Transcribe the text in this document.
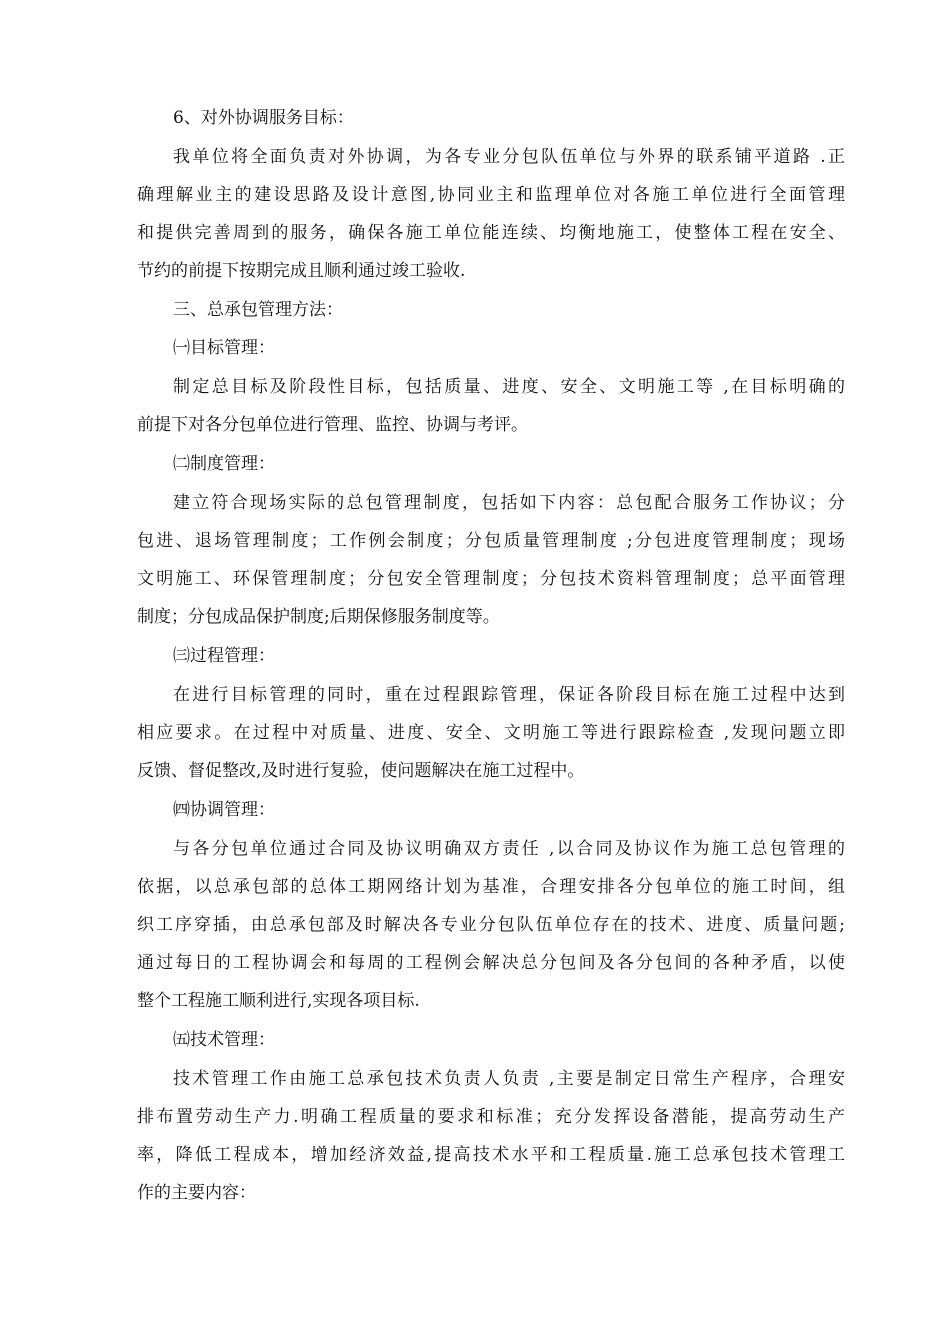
6、对外协调服务目标：
我单位将全面负责对外协调，为各专业分包队伍单位与外界的联系铺平道路 .正
确理解业主的建设思路及设计意图,协同业主和监理单位对各施工单位进行全面管理
和提供完善周到的服务，确保各施工单位能连续、均衡地施工，使整体工程在安全、
节约的前提下按期完成且顺利通过竣工验收.
三、总承包管理方法：
㈠目标管理：
制定总目标及阶段性目标，包括质量、进度、安全、文明施工等 ,在目标明确的
前提下对各分包单位进行管理、监控、协调与考评。
㈡制度管理：
建立符合现场实际的总包管理制度，包括如下内容：总包配合服务工作协议；分
包进、退场管理制度；工作例会制度；分包质量管理制度 ;分包进度管理制度；现场
文明施工、环保管理制度；分包安全管理制度；分包技术资料管理制度；总平面管理
制度；分包成品保护制度;后期保修服务制度等。
㈢过程管理：
在进行目标管理的同时，重在过程跟踪管理，保证各阶段目标在施工过程中达到
相应要求。在过程中对质量、进度、安全、文明施工等进行跟踪检查 ,发现问题立即
反馈、督促整改,及时进行复验，使问题解决在施工过程中。
㈣协调管理：
与各分包单位通过合同及协议明确双方责任 ,以合同及协议作为施工总包管理的
依据，以总承包部的总体工期网络计划为基准，合理安排各分包单位的施工时间，组
织工序穿插，由总承包部及时解决各专业分包队伍单位存在的技术、进度、质量问题;
通过每日的工程协调会和每周的工程例会解决总分包间及各分包间的各种矛盾，以使
整个工程施工顺利进行,实现各项目标.
㈤技术管理：
技术管理工作由施工总承包技术负责人负责 ,主要是制定日常生产程序，合理安
排布置劳动生产力.明确工程质量的要求和标准；充分发挥设备潜能，提高劳动生产
率，降低工程成本，增加经济效益,提高技术水平和工程质量.施工总承包技术管理工
作的主要内容：
